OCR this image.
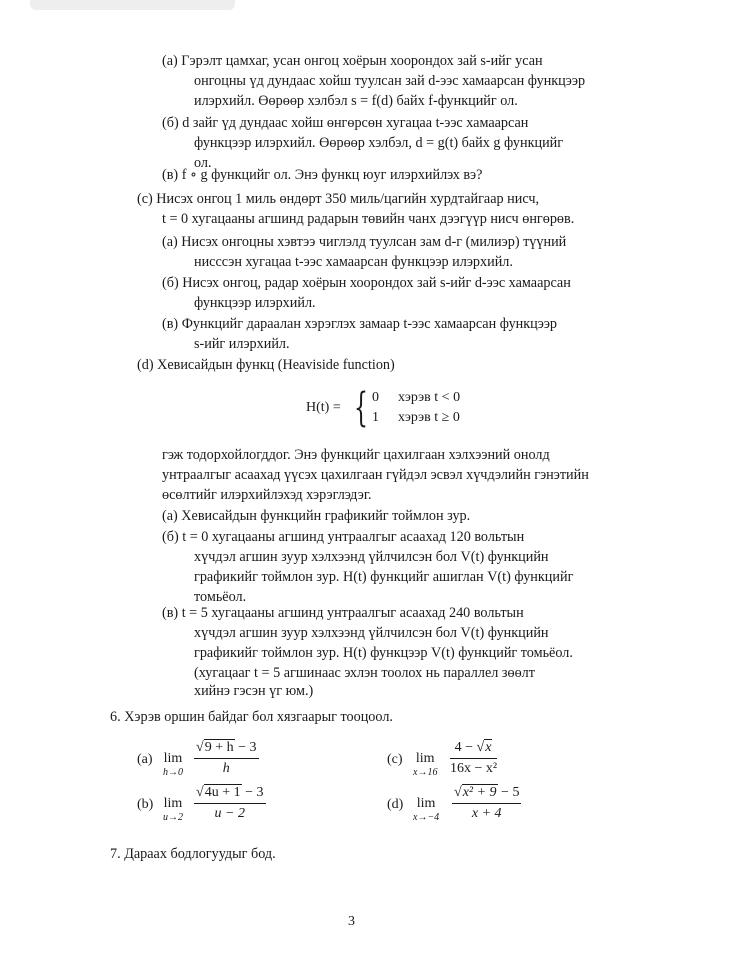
(a) Гэрэлт цамхаг, усан онгоц хоёрын хоорондох зай s-ийг усан
онгоцны үд дундаас хойш туулсан зай d-ээс хамаарсан функцээр
илэрхийл. Өөрөөр хэлбэл s = f(d) байх f-функцийг ол.
(б) d зайг үд дундаас хойш өнгөрсөн хугацаа t-ээс хамаарсан
функцээр илэрхийл. Өөрөөр хэлбэл, d = g(t) байх g функцийг
ол.
(в) f ∘ g функцийг ол. Энэ функц юуг илэрхийлэх вэ?
(c) Нисэх онгоц 1 миль өндөрт 350 миль/цагийн хурдтайгаар нисч,
t = 0 хугацааны агшинд радарын төвийн чанх дээгүүр нисч өнгөрөв.
(а) Нисэх онгоцны хэвтээ чиглэлд туулсан зам d-г (милиэр) түүний
нисссэн хугацаа t-ээс хамаарсан функцээр илэрхийл.
(б) Нисэх онгоц, радар хоёрын хоорондох зай s-ийг d-ээс хамаарсан
функцээр илэрхийл.
(в) Функцийг дараалан хэрэглэх замаар t-ээс хамаарсан функцээр
s-ийг илэрхийл.
(d) Хевисайдын функц (Heaviside function)
H(t) = { 0 хэрэв t < 0
1 хэрэв t ≥ 0
гэж тодорхойлогддог. Энэ функцийг цахилгаан хэлхээний онолд
унтраалгыг асаахад үүсэх цахилгаан гүйдэл эсвэл хүчдэлийн гэнэтийн
өсөлтийг илэрхийлэхэд хэрэглэдэг.
(а) Хевисайдын функцийн графикийг тоймлон зур.
(б) t = 0 хугацааны агшинд унтраалгыг асаахад 120 вольтын
хүчдэл агшин зуур хэлхээнд үйлчилсэн бол V(t) функцийн
графикийг тоймлон зур. H(t) функцийг ашиглан V(t) функцийг
томьёол.
(в) t = 5 хугацааны агшинд унтраалгыг асаахад 240 вольтын
хүчдэл агшин зуур хэлхээнд үйлчилсэн бол V(t) функцийн
графикийг тоймлон зур. H(t) функцээр V(t) функцийг томьёол.
(хугацааг t = 5 агшинаас эхлэн тоолох нь параллел зөөлт
хийнэ гэсэн үг юм.)
6. Хэрэв оршин байдаг бол хязгаарыг тооцоол.
(a) lim
$h\to 0 \frac{√9 + h - 3}{h}$	(c) lim
$x\to 16 \frac{4 - √x}{\text{16x − x²}}$
(b) lim
$u\to 2 \frac{√4u + 1 - 3}{u - 2}$	(d) lim
$x\to-4 \frac{\text{√x² + 9 − 5}}{x + 4}$
7. Дараах бодлогуудыг бод.
3
